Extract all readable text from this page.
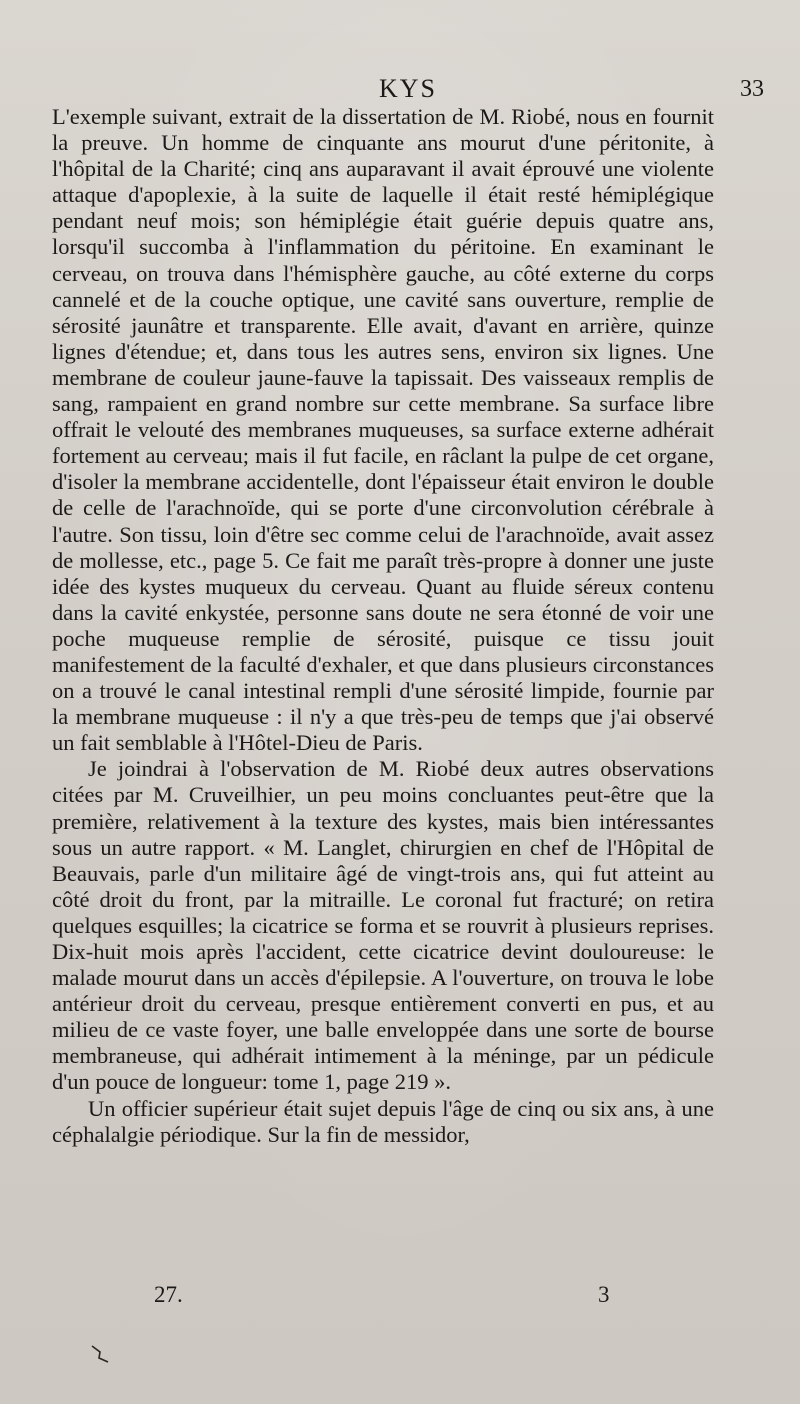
KYS	33

L'exemple suivant, extrait de la dissertation de M. Riobé, nous en fournit la preuve. Un homme de cinquante ans mourut d'une péritonite, à l'hôpital de la Charité; cinq ans auparavant il avait éprouvé une violente attaque d'apoplexie, à la suite de laquelle il était resté hémiplégique pendant neuf mois; son hémiplégie était guérie depuis quatre ans, lorsqu'il succomba à l'inflammation du péritoine. En examinant le cerveau, on trouva dans l'hémisphère gauche, au côté externe du corps cannelé et de la couche optique, une cavité sans ouverture, remplie de sérosité jaunâtre et transparente. Elle avait, d'avant en arrière, quinze lignes d'étendue; et, dans tous les autres sens, environ six lignes. Une membrane de couleur jaune-fauve la tapissait. Des vaisseaux remplis de sang, rampaient en grand nombre sur cette membrane. Sa surface libre offrait le velouté des membranes muqueuses, sa surface externe adhérait fortement au cerveau; mais il fut facile, en râclant la pulpe de cet organe, d'isoler la membrane accidentelle, dont l'épaisseur était environ le double de celle de l'arachnoïde, qui se porte d'une circonvolution cérébrale à l'autre. Son tissu, loin d'être sec comme celui de l'arachnoïde, avait assez de mollesse, etc., page 5. Ce fait me paraît très-propre à donner une juste idée des kystes muqueux du cerveau. Quant au fluide séreux contenu dans la cavité enkystée, personne sans doute ne sera étonné de voir une poche muqueuse remplie de sérosité, puisque ce tissu jouit manifestement de la faculté d'exhaler, et que dans plusieurs circonstances on a trouvé le canal intestinal rempli d'une sérosité limpide, fournie par la membrane muqueuse : il n'y a que très-peu de temps que j'ai observé un fait semblable à l'Hôtel-Dieu de Paris.

Je joindrai à l'observation de M. Riobé deux autres observations citées par M. Cruveilhier, un peu moins concluantes peut-être que la première, relativement à la texture des kystes, mais bien intéressantes sous un autre rapport. « M. Langlet, chirurgien en chef de l'Hôpital de Beauvais, parle d'un militaire âgé de vingt-trois ans, qui fut atteint au côté droit du front, par la mitraille. Le coronal fut fracturé; on retira quelques esquilles; la cicatrice se forma et se rouvrit à plusieurs reprises. Dix-huit mois après l'accident, cette cicatrice devint douloureuse: le malade mourut dans un accès d'épilepsie. A l'ouverture, on trouva le lobe antérieur droit du cerveau, presque entièrement converti en pus, et au milieu de ce vaste foyer, une balle enveloppée dans une sorte de bourse membraneuse, qui adhérait intimement à la méninge, par un pédicule d'un pouce de longueur: tome 1, page 219 ».

Un officier supérieur était sujet depuis l'âge de cinq ou six ans, à une céphalalgie périodique. Sur la fin de messidor,

27.	3
